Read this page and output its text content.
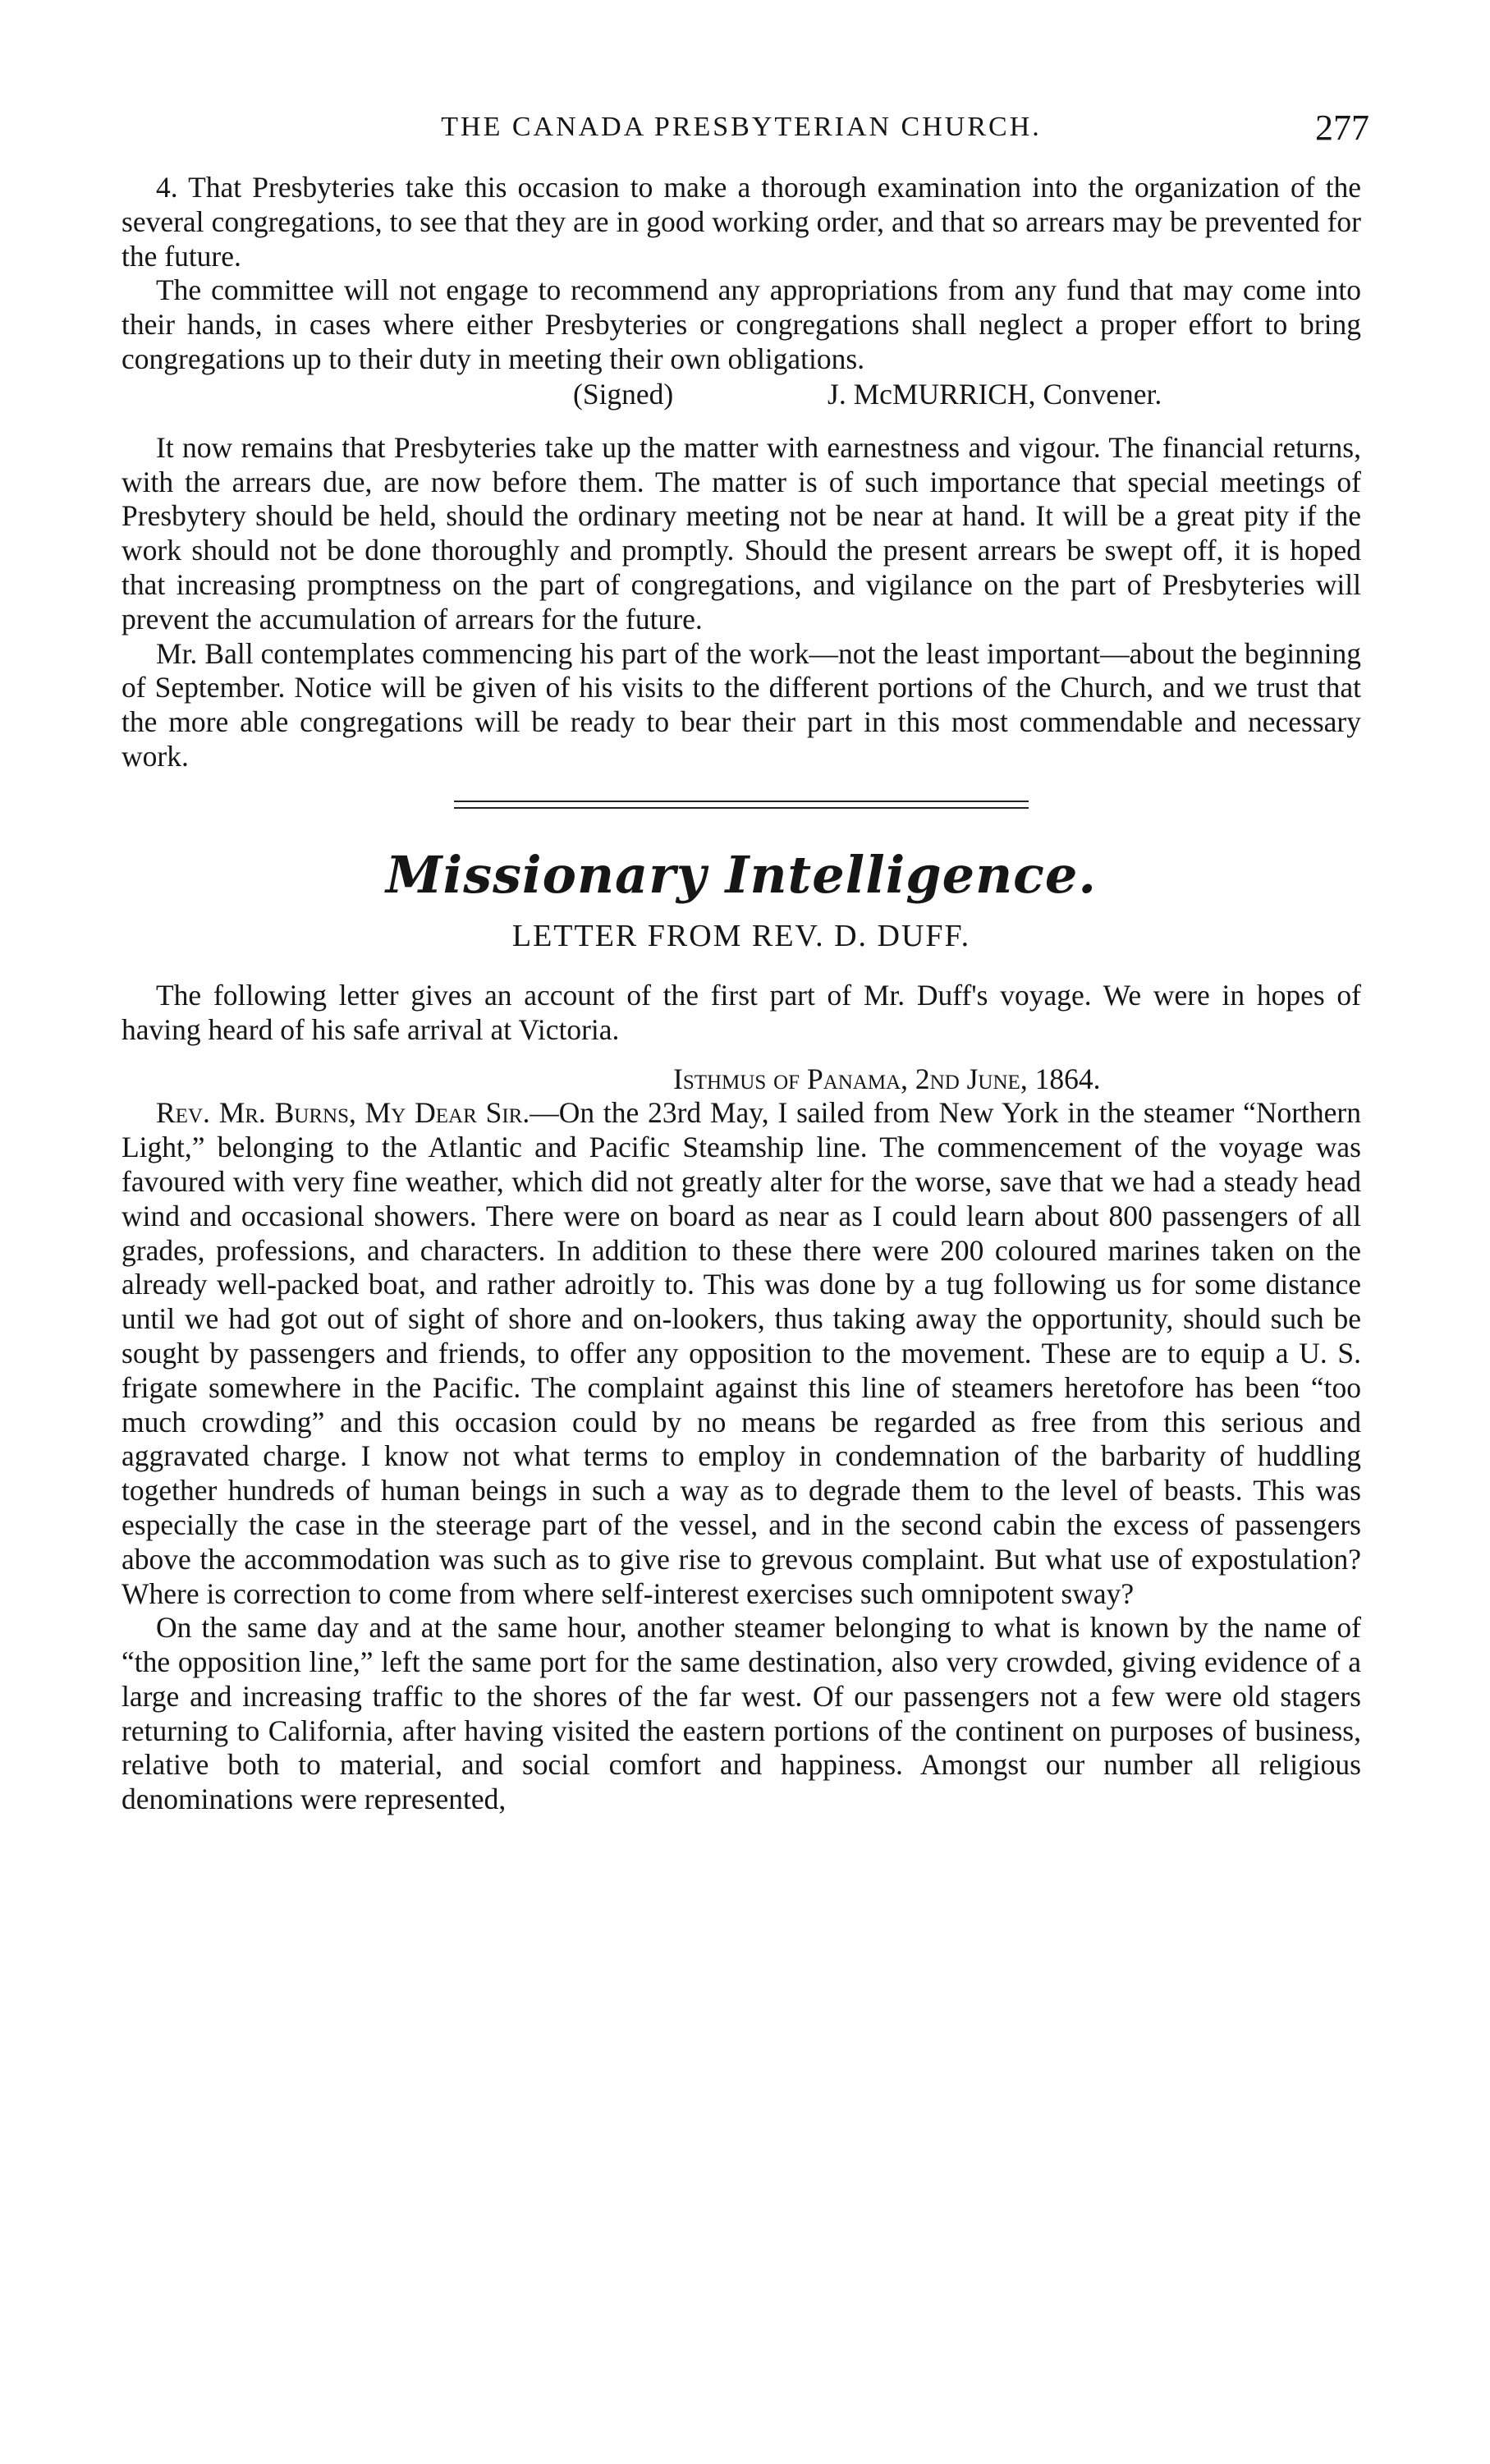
THE CANADA PRESBYTERIAN CHURCH.	277

4. That Presbyteries take this occasion to make a thorough examination into the organization of the several congregations, to see that they are in good working order, and that so arrears may be prevented for the future.

The committee will not engage to recommend any appropriations from any fund that may come into their hands, in cases where either Presbyteries or congregations shall neglect a proper effort to bring congregations up to their duty in meeting their own obligations.

(Signed)	J. McMURRICH, Convener.

It now remains that Presbyteries take up the matter with earnestness and vigour. The financial returns, with the arrears due, are now before them. The matter is of such importance that special meetings of Presbytery should be held, should the ordinary meeting not be near at hand. It will be a great pity if the work should not be done thoroughly and promptly. Should the present arrears be swept off, it is hoped that increasing promptness on the part of congregations, and vigilance on the part of Presbyteries will prevent the accumulation of arrears for the future.

Mr. Ball contemplates commencing his part of the work—not the least important—about the beginning of September. Notice will be given of his visits to the different portions of the Church, and we trust that the more able congregations will be ready to bear their part in this most commendable and necessary work.

Missionary Intelligence.
LETTER FROM REV. D. DUFF.

The following letter gives an account of the first part of Mr. Duff's voyage. We were in hopes of having heard of his safe arrival at Victoria.

Isthmus of Panama, 2nd June, 1864.

Rev. Mr. Burns, My Dear Sir.—On the 23rd May, I sailed from New York in the steamer “Northern Light,” belonging to the Atlantic and Pacific Steamship line. The commencement of the voyage was favoured with very fine weather, which did not greatly alter for the worse, save that we had a steady head wind and occasional showers. There were on board as near as I could learn about 800 passengers of all grades, professions, and characters. In addition to these there were 200 coloured marines taken on the already well-packed boat, and rather adroitly to. This was done by a tug following us for some distance until we had got out of sight of shore and on-lookers, thus taking away the opportunity, should such be sought by passengers and friends, to offer any opposition to the movement. These are to equip a U. S. frigate somewhere in the Pacific. The complaint against this line of steamers heretofore has been “too much crowding” and this occasion could by no means be regarded as free from this serious and aggravated charge. I know not what terms to employ in condemnation of the barbarity of huddling together hundreds of human beings in such a way as to degrade them to the level of beasts. This was especially the case in the steerage part of the vessel, and in the second cabin the excess of passengers above the accommodation was such as to give rise to grevous complaint. But what use of expostulation? Where is correction to come from where self-interest exercises such omnipotent sway?

On the same day and at the same hour, another steamer belonging to what is known by the name of “the opposition line,” left the same port for the same destination, also very crowded, giving evidence of a large and increasing traffic to the shores of the far west. Of our passengers not a few were old stagers returning to California, after having visited the eastern portions of the continent on purposes of business, relative both to material, and social comfort and happiness. Amongst our number all religious denominations were represented,
